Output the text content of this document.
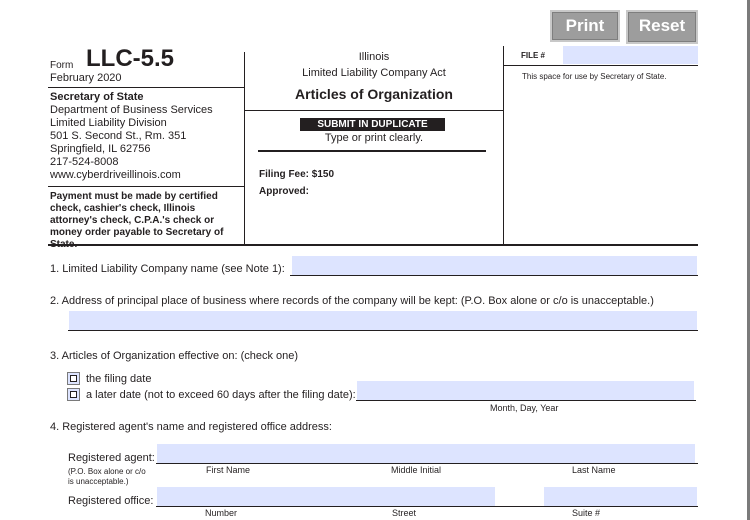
Print	Reset
Form LLC-5.5
February 2020
Secretary of State
Department of Business Services
Limited Liability Division
501 S. Second St., Rm. 351
Springfield, IL 62756
217-524-8008
www.cyberdriveillinois.com
Payment must be made by certified check, cashier's check, Illinois attorney's check, C.P.A.'s check or money order payable to Secretary of
Illinois
Limited Liability Company Act
Articles of Organization
SUBMIT IN DUPLICATE
Type or print clearly.
Filing Fee: $150
Approved:
FILE #
This space for use by Secretary of State.
1. Limited Liability Company name (see Note 1):
2. Address of principal place of business where records of the company will be kept: (P.O. Box alone or c/o is unacceptable.)
3. Articles of Organization effective on: (check one)
the filing date
a later date (not to exceed 60 days after the filing date):
Month, Day, Year
4. Registered agent's name and registered office address:
Registered agent:
(P.O. Box alone or c/o is unacceptable.)
First Name	Middle Initial	Last Name
Registered office:
Number	Street	Suite #
